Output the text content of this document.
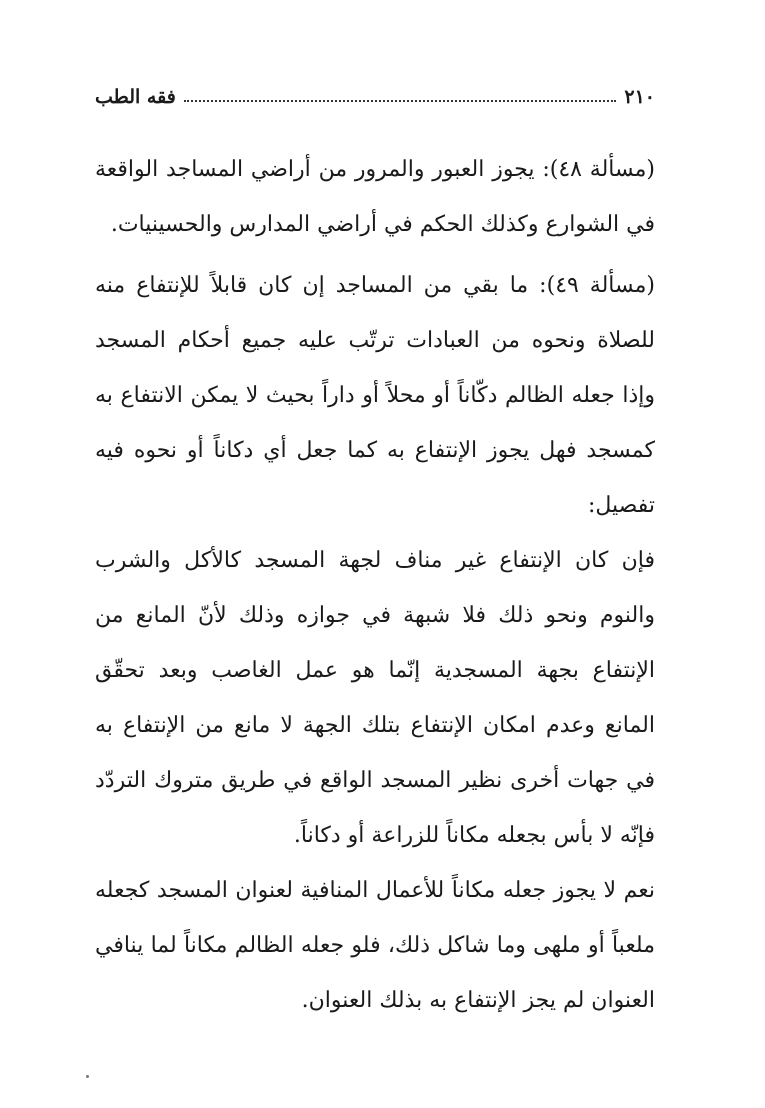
٢١٠
فقه الطب

(مسألة ٤٨): يجوز العبور والمرور من أراضي المساجد الواقعة في الشوارع وكذلك الحكم في أراضي المدارس والحسينيات.

(مسألة ٤٩): ما بقي من المساجد إن كان قابلاً للإنتفاع منه للصلاة ونحوه من العبادات ترتّب عليه جميع أحكام المسجد وإذا جعله الظالم دكّاناً أو محلاً أو داراً بحيث لا يمكن الانتفاع به كمسجد فهل يجوز الإنتفاع به كما جعل أي دكاناً أو نحوه فيه تفصيل:

فإن كان الإنتفاع غير مناف لجهة المسجد كالأكل والشرب والنوم ونحو ذلك فلا شبهة في جوازه وذلك لأنّ المانع من الإنتفاع بجهة المسجدية إنّما هو عمل الغاصب وبعد تحقّق المانع وعدم امكان الإنتفاع بتلك الجهة لا مانع من الإنتفاع به في جهات أخرى نظير المسجد الواقع في طريق متروك التردّد فإنّه لا بأس بجعله مكاناً للزراعة أو دكاناً.

نعم لا يجوز جعله مكاناً للأعمال المنافية لعنوان المسجد كجعله ملعباً أو ملهى وما شاكل ذلك، فلو جعله الظالم مكاناً لما ينافي العنوان لم يجز الإنتفاع به بذلك العنوان.
